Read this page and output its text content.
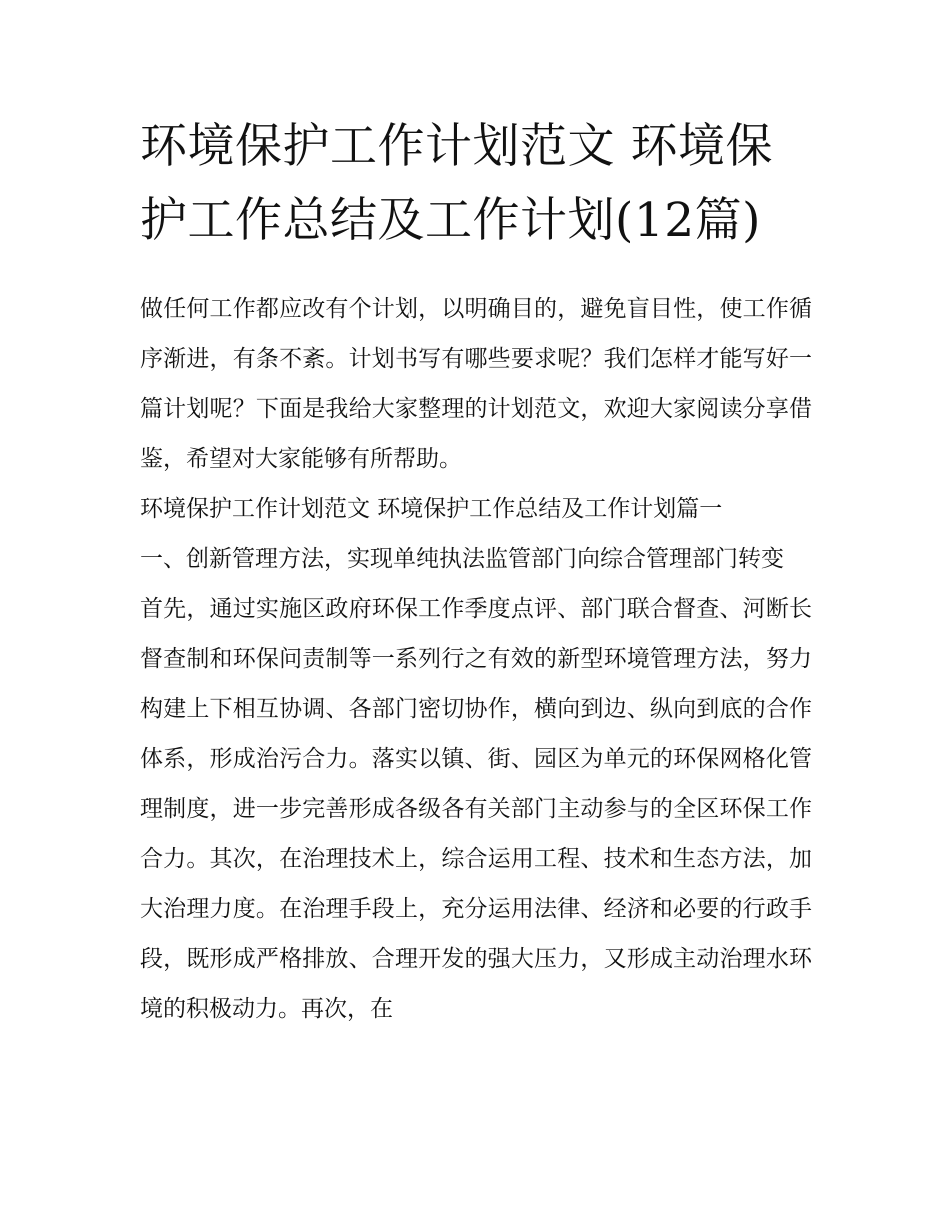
环境保护工作计划范文 环境保护工作总结及工作计划(12篇)

做任何工作都应改有个计划，以明确目的，避免盲目性，使工作循序渐进，有条不紊。计划书写有哪些要求呢？我们怎样才能写好一篇计划呢？下面是我给大家整理的计划范文，欢迎大家阅读分享借鉴，希望对大家能够有所帮助。

环境保护工作计划范文 环境保护工作总结及工作计划篇一

一、创新管理方法，实现单纯执法监管部门向综合管理部门转变

首先，通过实施区政府环保工作季度点评、部门联合督查、河断长督查制和环保问责制等一系列行之有效的新型环境管理方法，努力构建上下相互协调、各部门密切协作，横向到边、纵向到底的合作体系，形成治污合力。落实以镇、街、园区为单元的环保网格化管理制度，进一步完善形成各级各有关部门主动参与的全区环保工作合力。其次，在治理技术上，综合运用工程、技术和生态方法，加大治理力度。在治理手段上，充分运用法律、经济和必要的行政手段，既形成严格排放、合理开发的强大压力，又形成主动治理水环境的积极动力。再次，在
